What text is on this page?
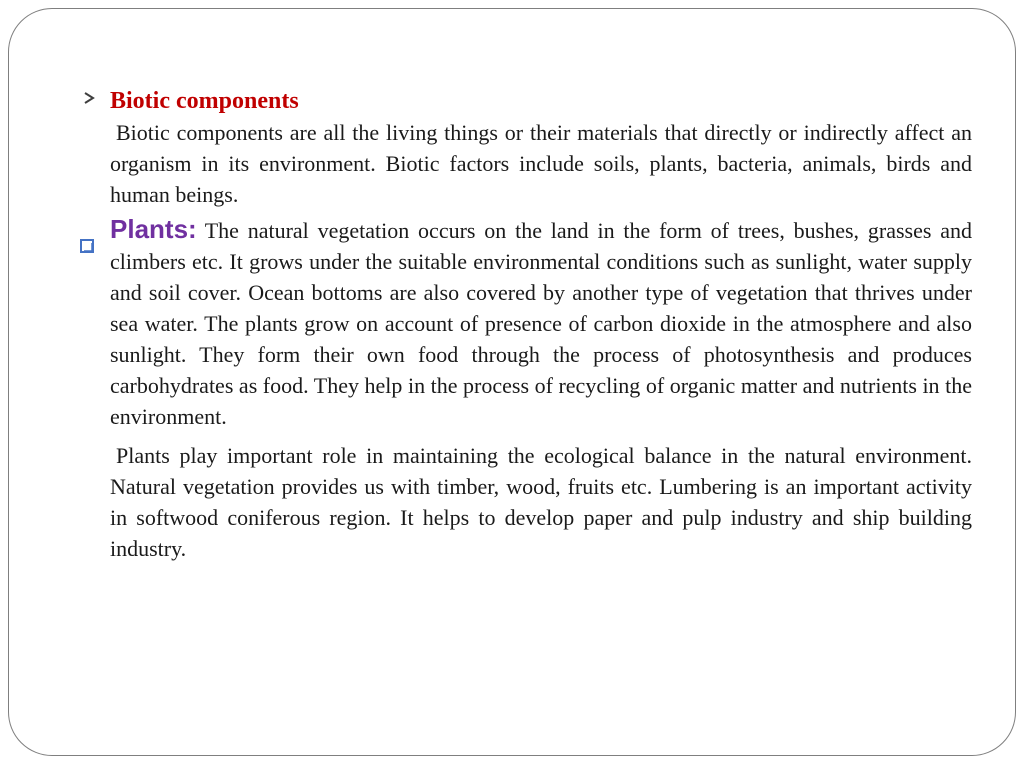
Biotic components

Biotic components are all the living things or their materials that directly or indirectly affect an organism in its environment. Biotic factors include soils, plants, bacteria, animals, birds and human beings.

Plants: The natural vegetation occurs on the land in the form of trees, bushes, grasses and climbers etc. It grows under the suitable environmental conditions such as sunlight, water supply and soil cover. Ocean bottoms are also covered by another type of vegetation that thrives under sea water. The plants grow on account of presence of carbon dioxide in the atmosphere and also sunlight. They form their own food through the process of photosynthesis and produces carbohydrates as food. They help in the process of recycling of organic matter and nutrients in the environment.

Plants play important role in maintaining the ecological balance in the natural environment. Natural vegetation provides us with timber, wood, fruits etc. Lumbering is an important activity in softwood coniferous region. It helps to develop paper and pulp industry and ship building industry.
